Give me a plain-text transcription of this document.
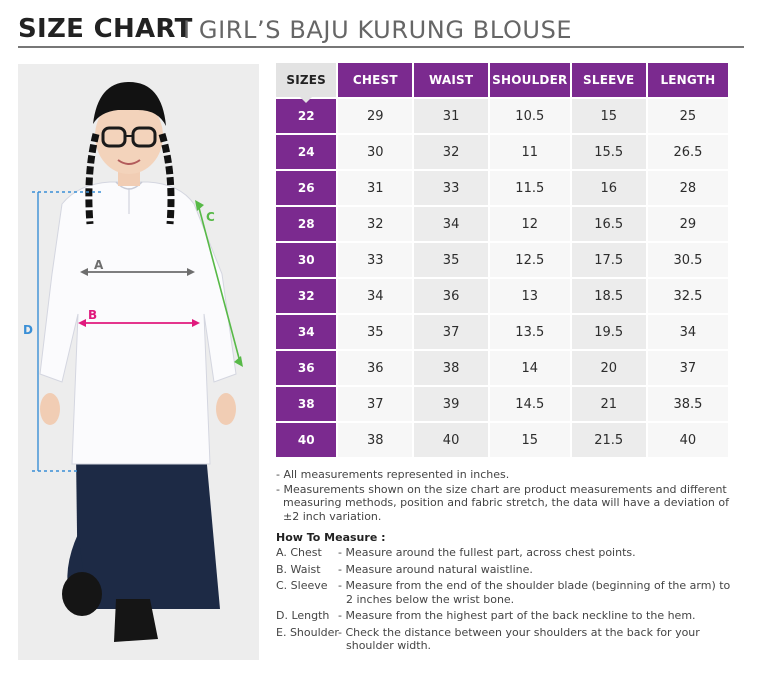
SIZE CHART
I GIRL’S BAJU KURUNG BLOUSE
A
B
C
D
SIZES	CHEST	WAIST	SHOULDER	SLEEVE	LENGTH
22	29	31	10.5	15	25
24	30	32	11	15.5	26.5
26	31	33	11.5	16	28
28	32	34	12	16.5	29
30	33	35	12.5	17.5	30.5
32	34	36	13	18.5	32.5
34	35	37	13.5	19.5	34
36	36	38	14	20	37
38	37	39	14.5	21	38.5
40	38	40	15	21.5	40

- All measurements represented in inches.

- Measurements shown on the size chart are product measurements and different measuring methods, position and fabric stretch, the data will have a deviation of ±2 inch variation.

How To Measure :
A. Chest	- Measure around the fullest part, across chest points.
B. Waist	- Measure around natural waistline.
C. Sleeve - Measure from the end of the shoulder blade (beginning of the arm) to 2 inches below the wrist bone.
D. Length - Measure from the highest part of the back neckline to the hem.
E. Shoulder - Check the distance between your shoulders at the back for your shoulder width.
